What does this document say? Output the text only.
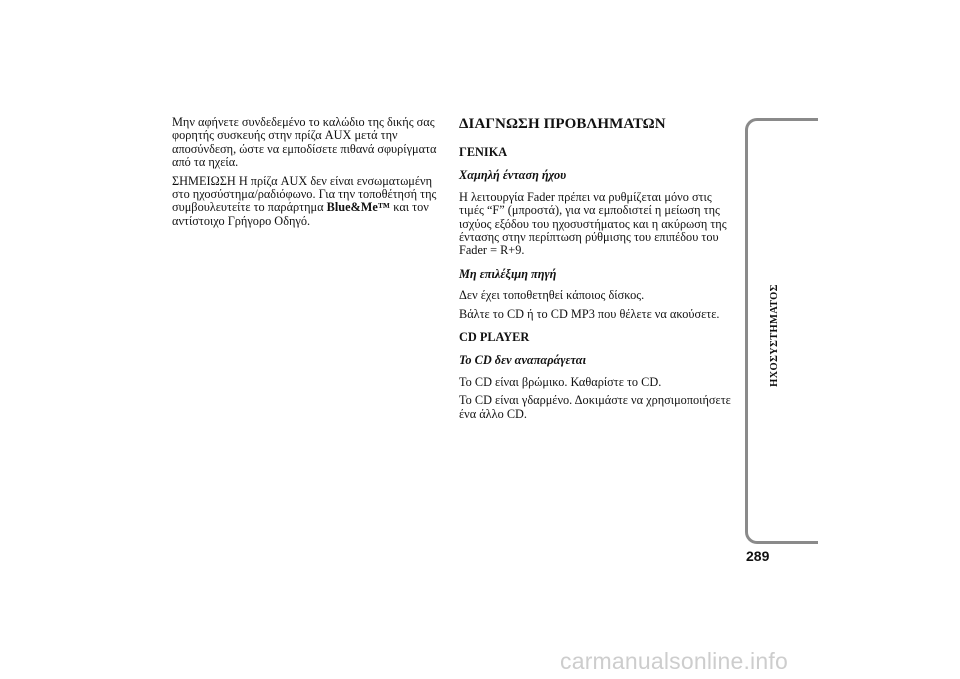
Μην αφήνετε συνδεδεμένο το καλώδιο της δικής σας φορητής συσκευής στην πρίζα AUX μετά την αποσύνδεση, ώστε να εμποδίσετε πιθανά σφυρίγματα από τα ηχεία.

ΣΗΜΕΙΩΣΗ Η πρίζα AUX δεν είναι ενσωματωμένη στο ηχοσύστημα/ραδιόφωνο. Για την τοποθέτησή της συμβουλευτείτε το παράρτημα Blue&Me™ και τον αντίστοιχο Γρήγορο Οδηγό.

ΔΙΑΓΝΩΣΗ ΠΡΟΒΛΗΜΑΤΩΝ
ΓΕΝΙΚΑ
Χαμηλή ένταση ήχου

Η λειτουργία Fader πρέπει να ρυθμίζεται μόνο στις τιμές “F” (μπροστά), για να εμποδιστεί η μείωση της ισχύος εξόδου του ηχοσυστήματος και η ακύρωση της έντασης στην περίπτωση ρύθμισης του επιπέδου του Fader = R+9.

Μη επιλέξιμη πηγή

Δεν έχει τοποθετηθεί κάποιος δίσκος.

Βάλτε το CD ή το CD MP3 που θέλετε να ακούσετε.

CD PLAYER
Το CD δεν αναπαράγεται

Το CD είναι βρώμικο. Καθαρίστε το CD.

Το CD είναι γδαρμένο. Δοκιμάστε να χρησιμοποιήσετε ένα άλλο CD.

ΗΧΟΣΥΣΤΗΜΑΤΟΣ
289
carmanualsonline.info
